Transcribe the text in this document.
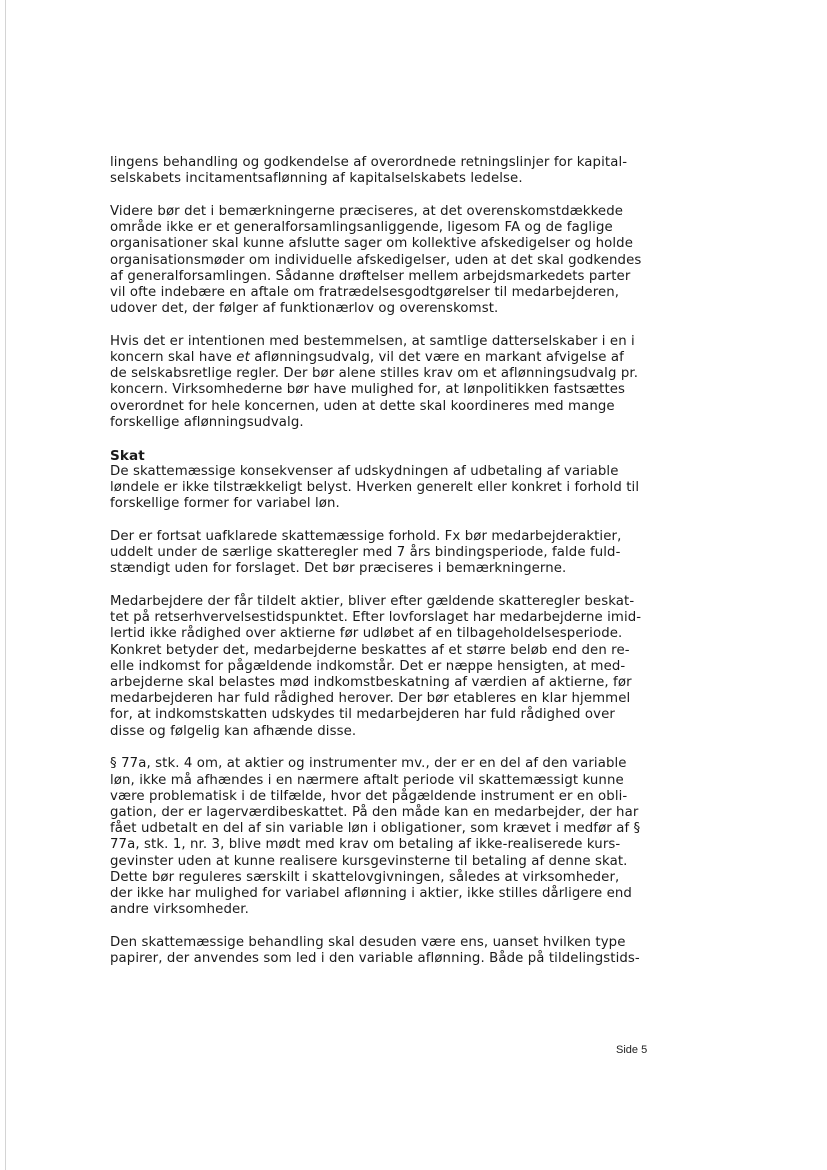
lingens behandling og godkendelse af overordnede retningslinjer for kapital-
selskabets incitamentsaflønning af kapitalselskabets ledelse.
Videre bør det i bemærkningerne præciseres, at det overenskomstdækkede
område ikke er et generalforsamlingsanliggende, ligesom FA og de faglige
organisationer skal kunne afslutte sager om kollektive afskedigelser og holde
organisationsmøder om individuelle afskedigelser, uden at det skal godkendes
af generalforsamlingen. Sådanne drøftelser mellem arbejdsmarkedets parter
vil ofte indebære en aftale om fratrædelsesgodtgørelser til medarbejderen,
udover det, der følger af funktionærlov og overenskomst.
Hvis det er intentionen med bestemmelsen, at samtlige datterselskaber i en i
koncern skal have et aflønningsudvalg, vil det være en markant afvigelse af
de selskabsretlige regler. Der bør alene stilles krav om et aflønningsudvalg pr.
koncern. Virksomhederne bør have mulighed for, at lønpolitikken fastsættes
overordnet for hele koncernen, uden at dette skal koordineres med mange
forskellige aflønningsudvalg.
Skat
De skattemæssige konsekvenser af udskydningen af udbetaling af variable
løndele er ikke tilstrækkeligt belyst. Hverken generelt eller konkret i forhold til
forskellige former for variabel løn.
Der er fortsat uafklarede skattemæssige forhold. Fx bør medarbejderaktier,
uddelt under de særlige skatteregler med 7 års bindingsperiode, falde fuld-
stændigt uden for forslaget. Det bør præciseres i bemærkningerne.
Medarbejdere der får tildelt aktier, bliver efter gældende skatteregler beskat-
tet på retserhvervelsestidspunktet. Efter lovforslaget har medarbejderne imid-
lertid ikke rådighed over aktierne før udløbet af en tilbageholdelsesperiode.
Konkret betyder det, medarbejderne beskattes af et større beløb end den re-
elle indkomst for pågældende indkomstår. Det er næppe hensigten, at med-
arbejderne skal belastes mød indkomstbeskatning af værdien af aktierne, før
medarbejderen har fuld rådighed herover. Der bør etableres en klar hjemmel
for, at indkomstskatten udskydes til medarbejderen har fuld rådighed over
disse og følgelig kan afhænde disse.
§ 77a, stk. 4 om, at aktier og instrumenter mv., der er en del af den variable
løn, ikke må afhændes i en nærmere aftalt periode vil skattemæssigt kunne
være problematisk i de tilfælde, hvor det pågældende instrument er en obli-
gation, der er lagerværdibeskattet. På den måde kan en medarbejder, der har
fået udbetalt en del af sin variable løn i obligationer, som krævet i medfør af §
77a, stk. 1, nr. 3, blive mødt med krav om betaling af ikke-realiserede kurs-
gevinster uden at kunne realisere kursgevinsterne til betaling af denne skat.
Dette bør reguleres særskilt i skattelovgivningen, således at virksomheder,
der ikke har mulighed for variabel aflønning i aktier, ikke stilles dårligere end
andre virksomheder.
Den skattemæssige behandling skal desuden være ens, uanset hvilken type
papirer, der anvendes som led i den variable aflønning. Både på tildelingstids-
Side 5
